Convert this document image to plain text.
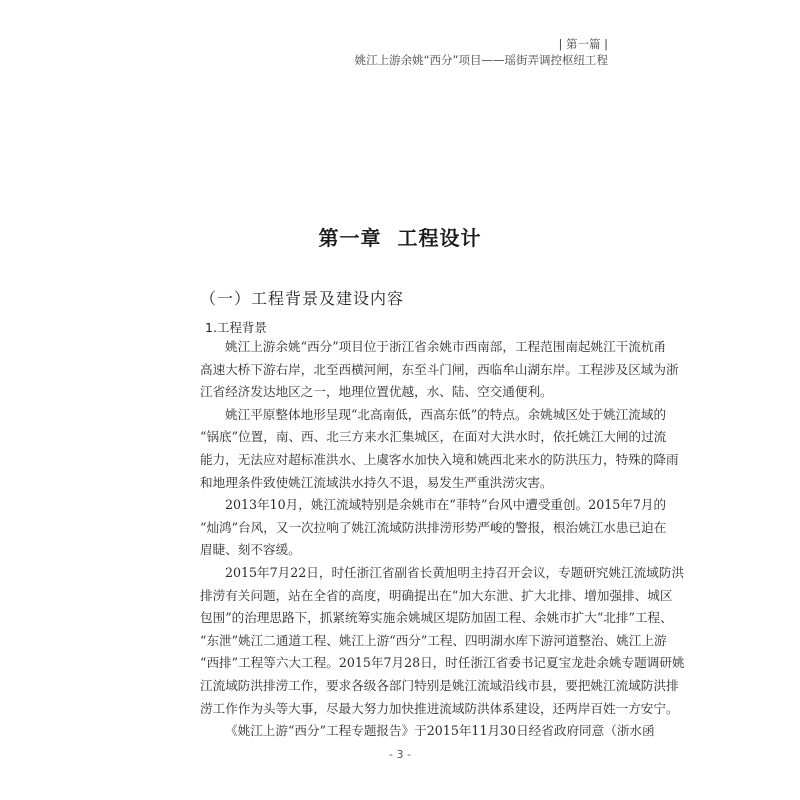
| 第一篇 |
姚江上游余姚“西分”项目——瑶街弄调控枢纽工程
第一章 工程设计
（一）工程背景及建设内容
1.工程背景
姚江上游余姚“西分”项目位于浙江省余姚市西南部，工程范围南起姚江干流杭甬
高速大桥下游右岸，北至西横河闸，东至斗门闸，西临牟山湖东岸。工程涉及区域为浙
江省经济发达地区之一，地理位置优越，水、陆、空交通便利。
姚江平原整体地形呈现“北高南低，西高东低”的特点。余姚城区处于姚江流域的
“锅底”位置，南、西、北三方来水汇集城区，在面对大洪水时，依托姚江大闸的过流
能力，无法应对超标准洪水、上虞客水加快入境和姚西北来水的防洪压力，特殊的降雨
和地理条件致使姚江流域洪水持久不退，易发生严重洪涝灾害。
2013年10月，姚江流域特别是余姚市在“菲特”台风中遭受重创。2015年7月的
“灿鸿”台风，又一次拉响了姚江流域防洪排涝形势严峻的警报，根治姚江水患已迫在
眉睫、刻不容缓。
2015年7月22日，时任浙江省副省长黄旭明主持召开会议，专题研究姚江流域防洪
排涝有关问题，站在全省的高度，明确提出在“加大东泄、扩大北排、增加强排、城区
包围”的治理思路下，抓紧统筹实施余姚城区堤防加固工程、余姚市扩大“北排”工程、
“东泄”姚江二通道工程、姚江上游“西分”工程、四明湖水库下游河道整治、姚江上游
“西排”工程等六大工程。2015年7月28日，时任浙江省委书记夏宝龙赴余姚专题调研姚
江流域防洪排涝工作，要求各级各部门特别是姚江流域沿线市县，要把姚江流域防洪排
涝工作作为头等大事，尽最大努力加快推进流域防洪体系建设，还两岸百姓一方安宁。
《姚江上游“西分”工程专题报告》于2015年11月30日经省政府同意（浙水函
- 3 -
